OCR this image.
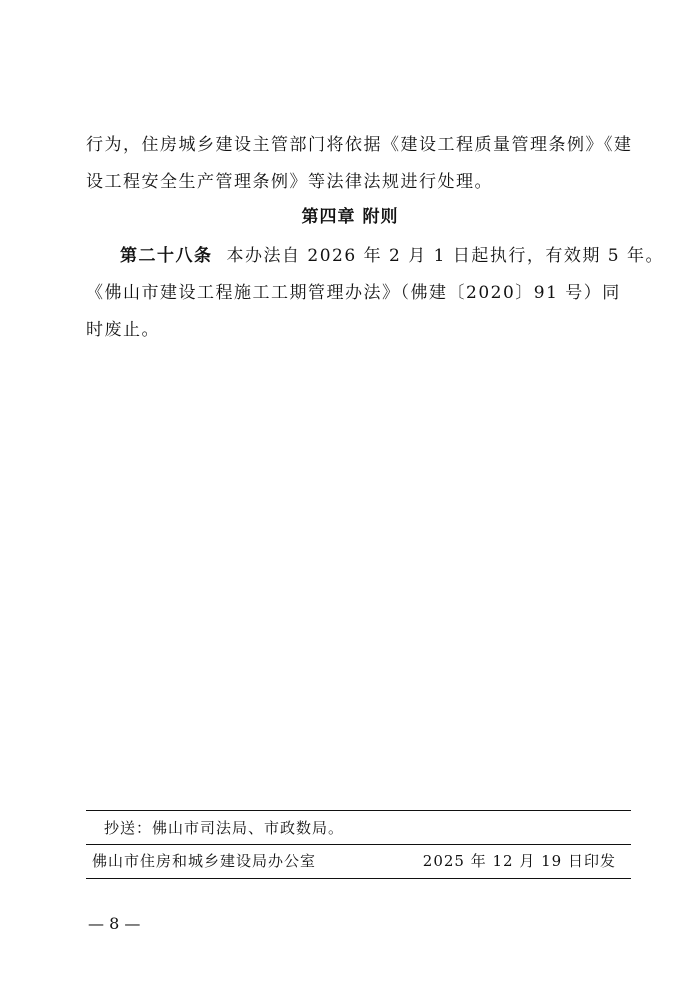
行为，住房城乡建设主管部门将依据《建设工程质量管理条例》《建
设工程安全生产管理条例》等法律法规进行处理。
第四章 附则
第二十八条 本办法自 2026 年 2 月 1 日起执行，有效期 5 年。
《佛山市建设工程施工工期管理办法》（佛建〔2020〕91 号）同
时废止。
抄送：佛山市司法局、市政数局。
佛山市住房和城乡建设局办公室	2025 年 12 月 19 日印发
— 8 —
